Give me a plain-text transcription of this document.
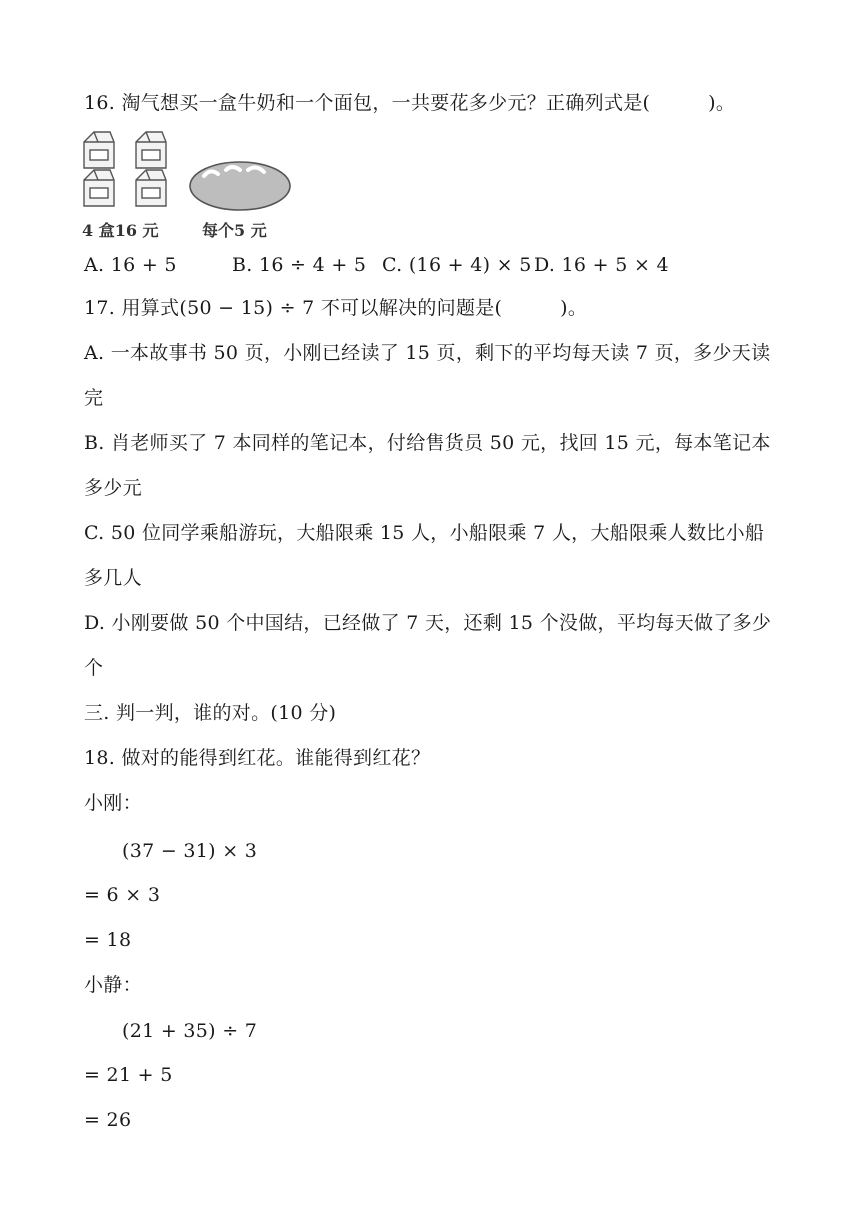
16. 淘气想买一盒牛奶和一个面包，一共要花多少元？正确列式是(　　　)。
4 盒16 元	每个5 元
A. 16 + 5	B. 16 ÷ 4 + 5 C. (16 + 4) × 5 D. 16 + 5 × 4
17. 用算式(50 − 15) ÷ 7 不可以解决的问题是(　　　)。
A. 一本故事书 50 页，小刚已经读了 15 页，剩下的平均每天读 7 页，多少天读
完
B. 肖老师买了 7 本同样的笔记本，付给售货员 50 元，找回 15 元，每本笔记本
多少元
C. 50 位同学乘船游玩，大船限乘 15 人，小船限乘 7 人，大船限乘人数比小船
多几人
D. 小刚要做 50 个中国结，已经做了 7 天，还剩 15 个没做，平均每天做了多少
个
三. 判一判，谁的对。(10 分)
18. 做对的能得到红花。谁能得到红花？
小刚：
(37 − 31) × 3
= 6 × 3
= 18
小静：
(21 + 35) ÷ 7
= 21 + 5
= 26
